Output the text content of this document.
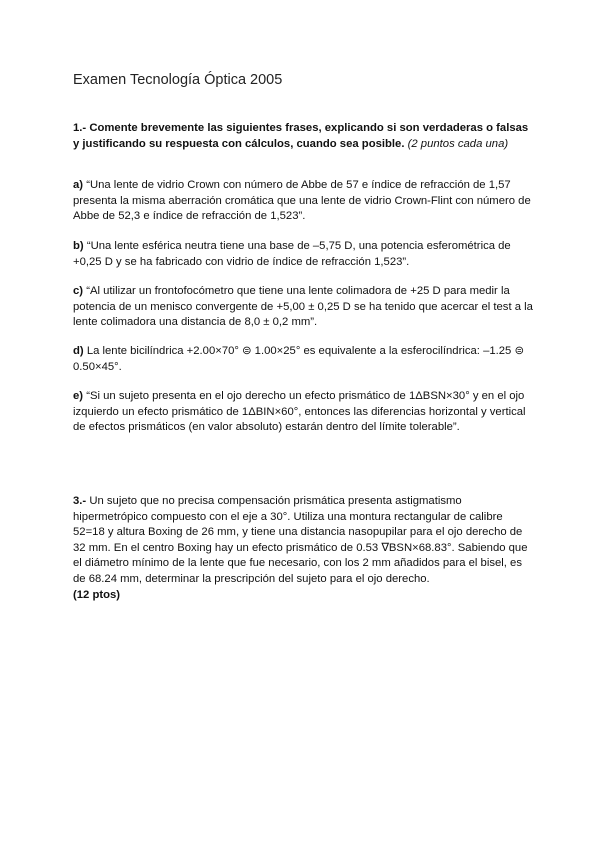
Examen Tecnología Óptica 2005

1.- Comente brevemente las siguientes frases, explicando si son verdaderas o falsas y justificando su respuesta con cálculos, cuando sea posible. (2 puntos cada una)

a) “Una lente de vidrio Crown con número de Abbe de 57 e índice de refracción de 1,57 presenta la misma aberración cromática que una lente de vidrio Crown-Flint con número de Abbe de 52,3 e índice de refracción de 1,523”.

b) “Una lente esférica neutra tiene una base de –5,75 D, una potencia esferométrica de +0,25 D y se ha fabricado con vidrio de índice de refracción 1,523”.

c) “Al utilizar un frontofocómetro que tiene una lente colimadora de +25 D para medir la potencia de un menisco convergente de +5,00 ± 0,25 D se ha tenido que acercar el test a la lente colimadora una distancia de 8,0 ± 0,2 mm”.

d) La lente bicilíndrica +2.00×70° ⊜ 1.00×25° es equivalente a la esferocilíndrica: –1.25 ⊜ 0.50×45°.

e) “Si un sujeto presenta en el ojo derecho un efecto prismático de 1ΔBSN×30° y en el ojo izquierdo un efecto prismático de 1ΔBIN×60°, entonces las diferencias horizontal y vertical de efectos prismáticos (en valor absoluto) estarán dentro del límite tolerable”.

3.- Un sujeto que no precisa compensación prismática presenta astigmatismo hipermetrópico compuesto con el eje a 30°. Utiliza una montura rectangular de calibre 52=18 y altura Boxing de 26 mm, y tiene una distancia nasopupilar para el ojo derecho de 32 mm. En el centro Boxing hay un efecto prismático de 0.53 ∇BSN×68.83°. Sabiendo que el diámetro mínimo de la lente que fue necesario, con los 2 mm añadidos para el bisel, es de 68.24 mm, determinar la prescripción del sujeto para el ojo derecho.

(12 ptos)
